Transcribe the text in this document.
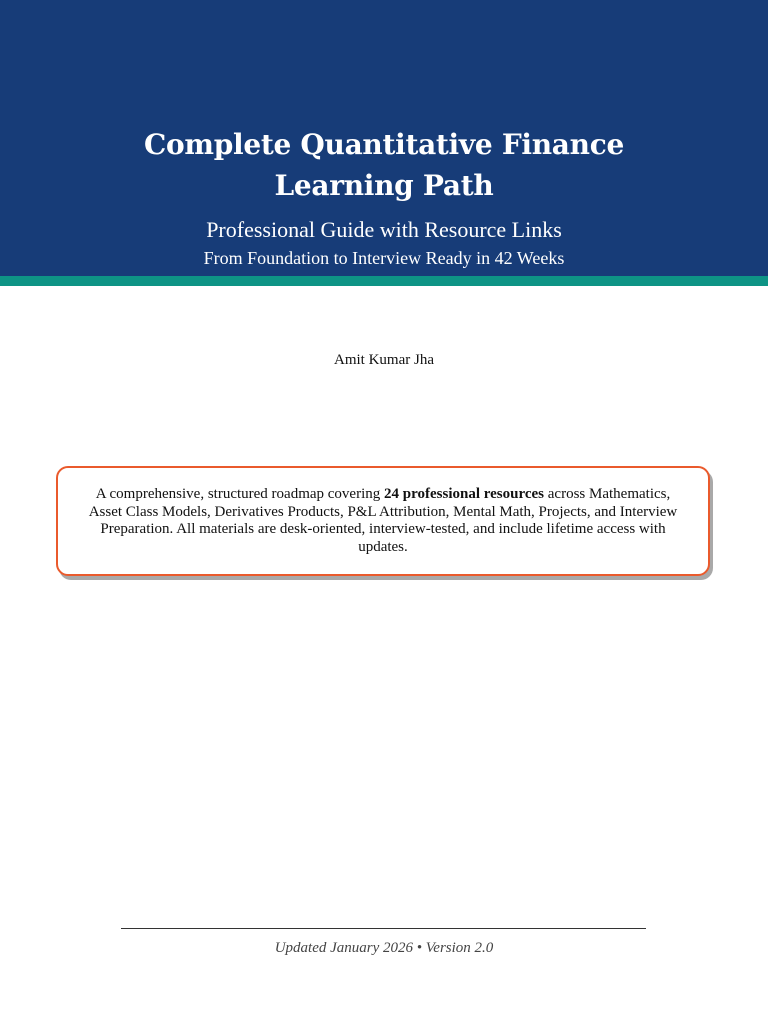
Complete Quantitative Finance
Learning Path
Professional Guide with Resource Links
From Foundation to Interview Ready in 42 Weeks
Amit Kumar Jha

A comprehensive, structured roadmap covering 24 professional resources across Mathematics, Asset Class Models, Derivatives Products, P&L Attribution, Mental Math, Projects, and Interview Preparation. All materials are desk-oriented, interview-tested, and include lifetime access with updates.

Updated January 2026 • Version 2.0
